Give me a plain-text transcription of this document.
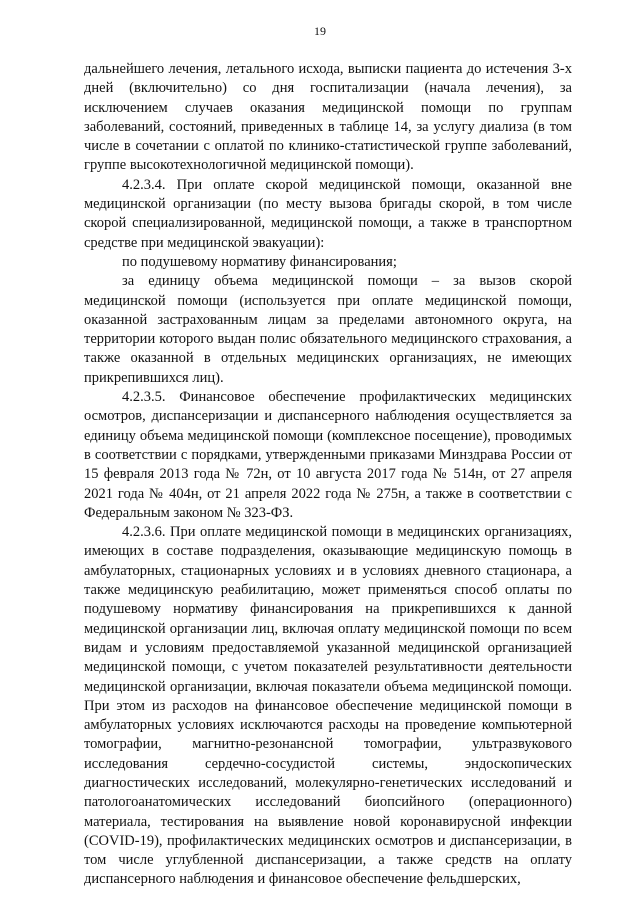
19

дальнейшего лечения, летального исхода, выписки пациента до истечения 3-х дней (включительно) со дня госпитализации (начала лечения), за исключением случаев оказания медицинской помощи по группам заболеваний, состояний, приведенных в таблице 14, за услугу диализа (в том числе в сочетании с оплатой по клинико-статистической группе заболеваний, группе высокотехнологичной медицинской помощи).

4.2.3.4. При оплате скорой медицинской помощи, оказанной вне медицинской организации (по месту вызова бригады скорой, в том числе скорой специализированной, медицинской помощи, а также в транспортном средстве при медицинской эвакуации):

по подушевому нормативу финансирования;

за единицу объема медицинской помощи – за вызов скорой медицинской помощи (используется при оплате медицинской помощи, оказанной застрахованным лицам за пределами автономного округа, на территории которого выдан полис обязательного медицинского страхования, а также оказанной в отдельных медицинских организациях, не имеющих прикрепившихся лиц).

4.2.3.5. Финансовое обеспечение профилактических медицинских осмотров, диспансеризации и диспансерного наблюдения осуществляется за единицу объема медицинской помощи (комплексное посещение), проводимых в соответствии с порядками, утвержденными приказами Минздрава России от 15 февраля 2013 года № 72н, от 10 августа 2017 года № 514н, от 27 апреля 2021 года № 404н, от 21 апреля 2022 года № 275н, а также в соответствии с Федеральным законом № 323-ФЗ.

4.2.3.6. При оплате медицинской помощи в медицинских организациях, имеющих в составе подразделения, оказывающие медицинскую помощь в амбулаторных, стационарных условиях и в условиях дневного стационара, а также медицинскую реабилитацию, может применяться способ оплаты по подушевому нормативу финансирования на прикрепившихся к данной медицинской организации лиц, включая оплату медицинской помощи по всем видам и условиям предоставляемой указанной медицинской организацией медицинской помощи, с учетом показателей результативности деятельности медицинской организации, включая показатели объема медицинской помощи. При этом из расходов на финансовое обеспечение медицинской помощи в амбулаторных условиях исключаются расходы на проведение компьютерной томографии, магнитно-резонансной томографии, ультразвукового исследования сердечно-сосудистой системы, эндоскопических диагностических исследований, молекулярно-генетических исследований и патологоанатомических исследований биопсийного (операционного) материала, тестирования на выявление новой коронавирусной инфекции (COVID-19), профилактических медицинских осмотров и диспансеризации, в том числе углубленной диспансеризации, а также средств на оплату диспансерного наблюдения и финансовое обеспечение фельдшерских,
